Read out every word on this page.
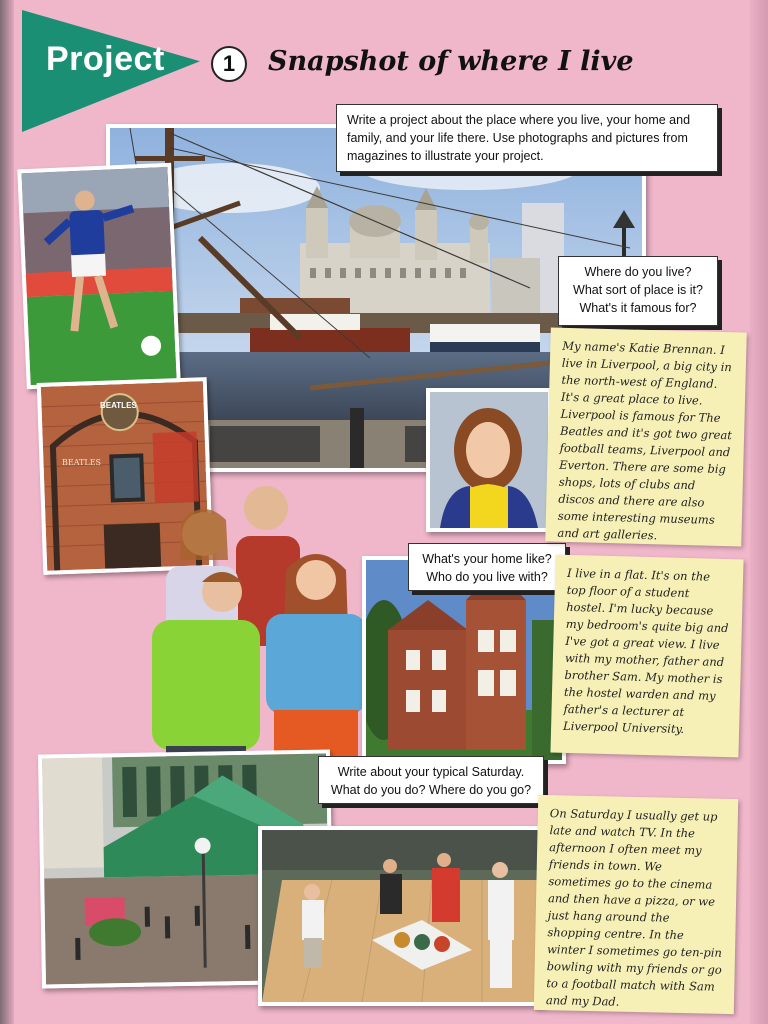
Project	1	Snapshot of where I live
BEATLES
BEATLES
Write a project about the place where you live, your home and family, and your life there. Use photographs and pictures from magazines to illustrate your project.
Where do you live? What sort of place is it? What's it famous for?
What's your home like? Who do you live with?
Write about your typical Saturday. What do you do? Where do you go?
My name's Katie Brennan. I live in Liverpool, a big city in the north-west of England. It's a great place to live. Liverpool is famous for The Beatles and it's got two great football teams, Liverpool and Everton. There are some big shops, lots of clubs and discos and there are also some interesting museums and art galleries.
I live in a flat. It's on the top floor of a student hostel. I'm lucky because my bedroom's quite big and I've got a great view. I live with my mother, father and brother Sam. My mother is the hostel warden and my father's a lecturer at Liverpool University.
On Saturday I usually get up late and watch TV. In the afternoon I often meet my friends in town. We sometimes go to the cinema and then have a pizza, or we just hang around the shopping centre. In the winter I sometimes go ten-pin bowling with my friends or go to a football match with Sam and my Dad.
